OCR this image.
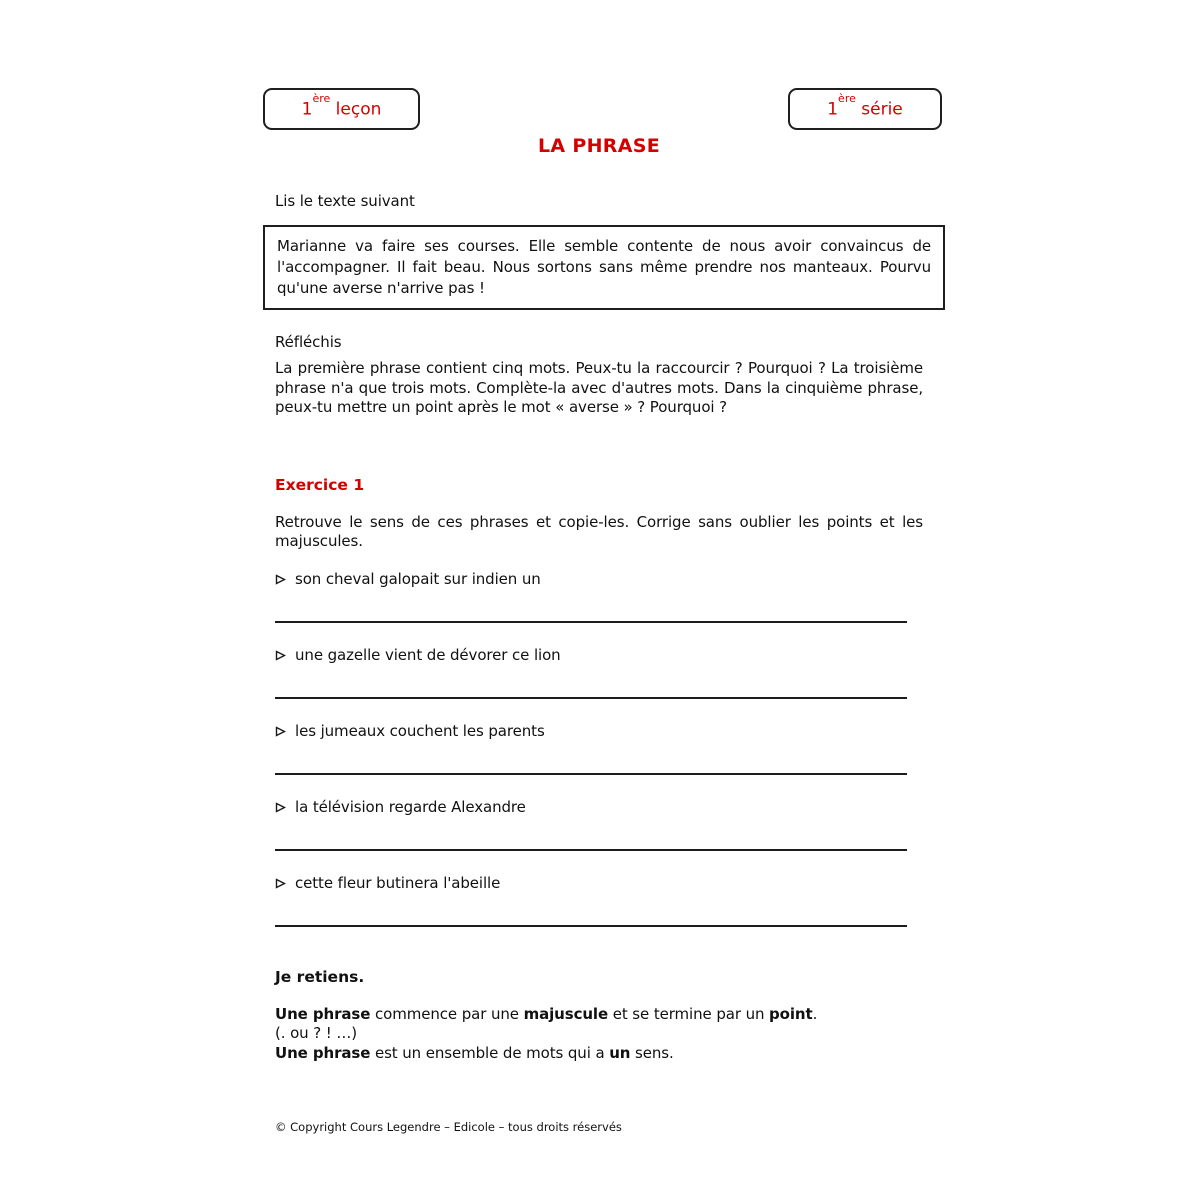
1ère leçon	1ère série
LA PHRASE
Lis le texte suivant
Marianne va faire ses courses. Elle semble contente de nous avoir convaincus de l'accompagner. Il fait beau. Nous sortons sans même prendre nos manteaux. Pourvu qu'une averse n'arrive pas !
Réfléchis
La première phrase contient cinq mots. Peux-tu la raccourcir ? Pourquoi ? La troisième phrase n'a que trois mots. Complète-la avec d'autres mots. Dans la cinquième phrase, peux-tu mettre un point après le mot « averse » ? Pourquoi ?
Exercice 1
Retrouve le sens de ces phrases et copie-les. Corrige sans oublier les points et les majuscules.
son cheval galopait sur indien un
une gazelle vient de dévorer ce lion
les jumeaux couchent les parents
la télévision regarde Alexandre
cette fleur butinera l'abeille
Je retiens.
Une phrase commence par une majuscule et se termine par un point.
(. ou ? ! …)
Une phrase est un ensemble de mots qui a un sens.
© Copyright Cours Legendre – Edicole – tous droits réservés
